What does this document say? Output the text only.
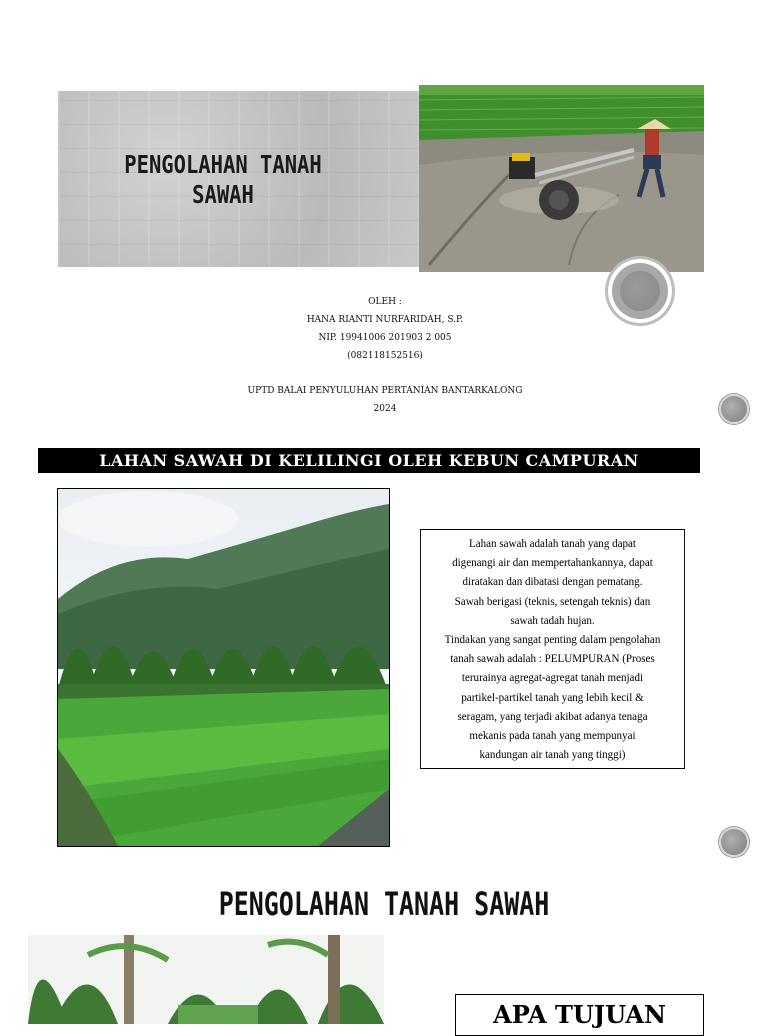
PENGOLAHAN TANAH
SAWAH
OLEH :
HANA RIANTI NURFARIDAH, S.P.
NIP. 19941006 201903 2 005
(082118152516)
UPTD BALAI PENYULUHAN PERTANIAN BANTARKALONG
2024
LAHAN SAWAH DI KELILINGI OLEH KEBUN CAMPURAN
Lahan sawah adalah tanah yang dapat
digenangi air dan mempertahankannya, dapat
diratakan dan dibatasi dengan pematang.
Sawah berigasi (teknis, setengah teknis) dan
sawah tadah hujan.
Tindakan yang sangat penting dalam pengolahan
tanah sawah adalah : PELUMPURAN (Proses
terurainya agregat-agregat tanah menjadi
partikel-partikel tanah yang lebih kecil &
seragam, yang terjadi akibat adanya tenaga
mekanis pada tanah yang mempunyai
kandungan air tanah yang tinggi)
PENGOLAHAN TANAH SAWAH
APA TUJUAN
